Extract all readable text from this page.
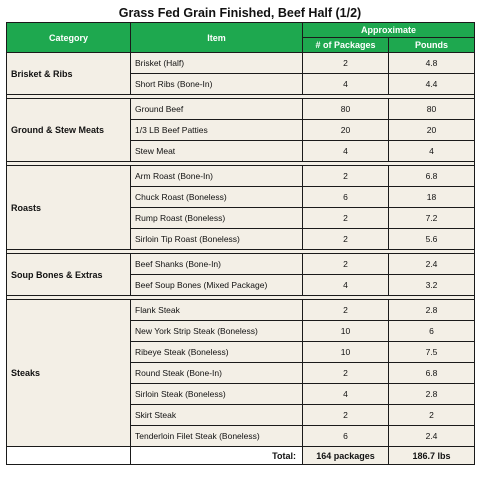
Grass Fed Grain Finished, Beef Half (1/2)
Category	Item	Approximate	
		# of Packages	Pounds
Brisket & Ribs	Brisket (Half)	2	4.8
	Short Ribs (Bone-In)	4	4.4

Ground & Stew Meats	Ground Beef	80	80
	1/3 LB Beef Patties	20	20
	Stew Meat	4	4

Roasts	Arm Roast (Bone-In)	2	6.8
	Chuck Roast (Boneless)	6	18
	Rump Roast (Boneless)	2	7.2
	Sirloin Tip Roast (Boneless)	2	5.6

Soup Bones & Extras	Beef Shanks (Bone-In)	2	2.4
	Beef Soup Bones (Mixed Package)	4	3.2

Steaks	Flank Steak	2	2.8
	New York Strip Steak (Boneless)	10	6
	Ribeye Steak (Boneless)	10	7.5
	Round Steak (Bone-In)	2	6.8
	Sirloin Steak (Boneless)	4	2.8
	Skirt Steak	2	2
	Tenderloin Filet Steak (Boneless)	6	2.4
	Total:	164 packages	186.7 lbs
